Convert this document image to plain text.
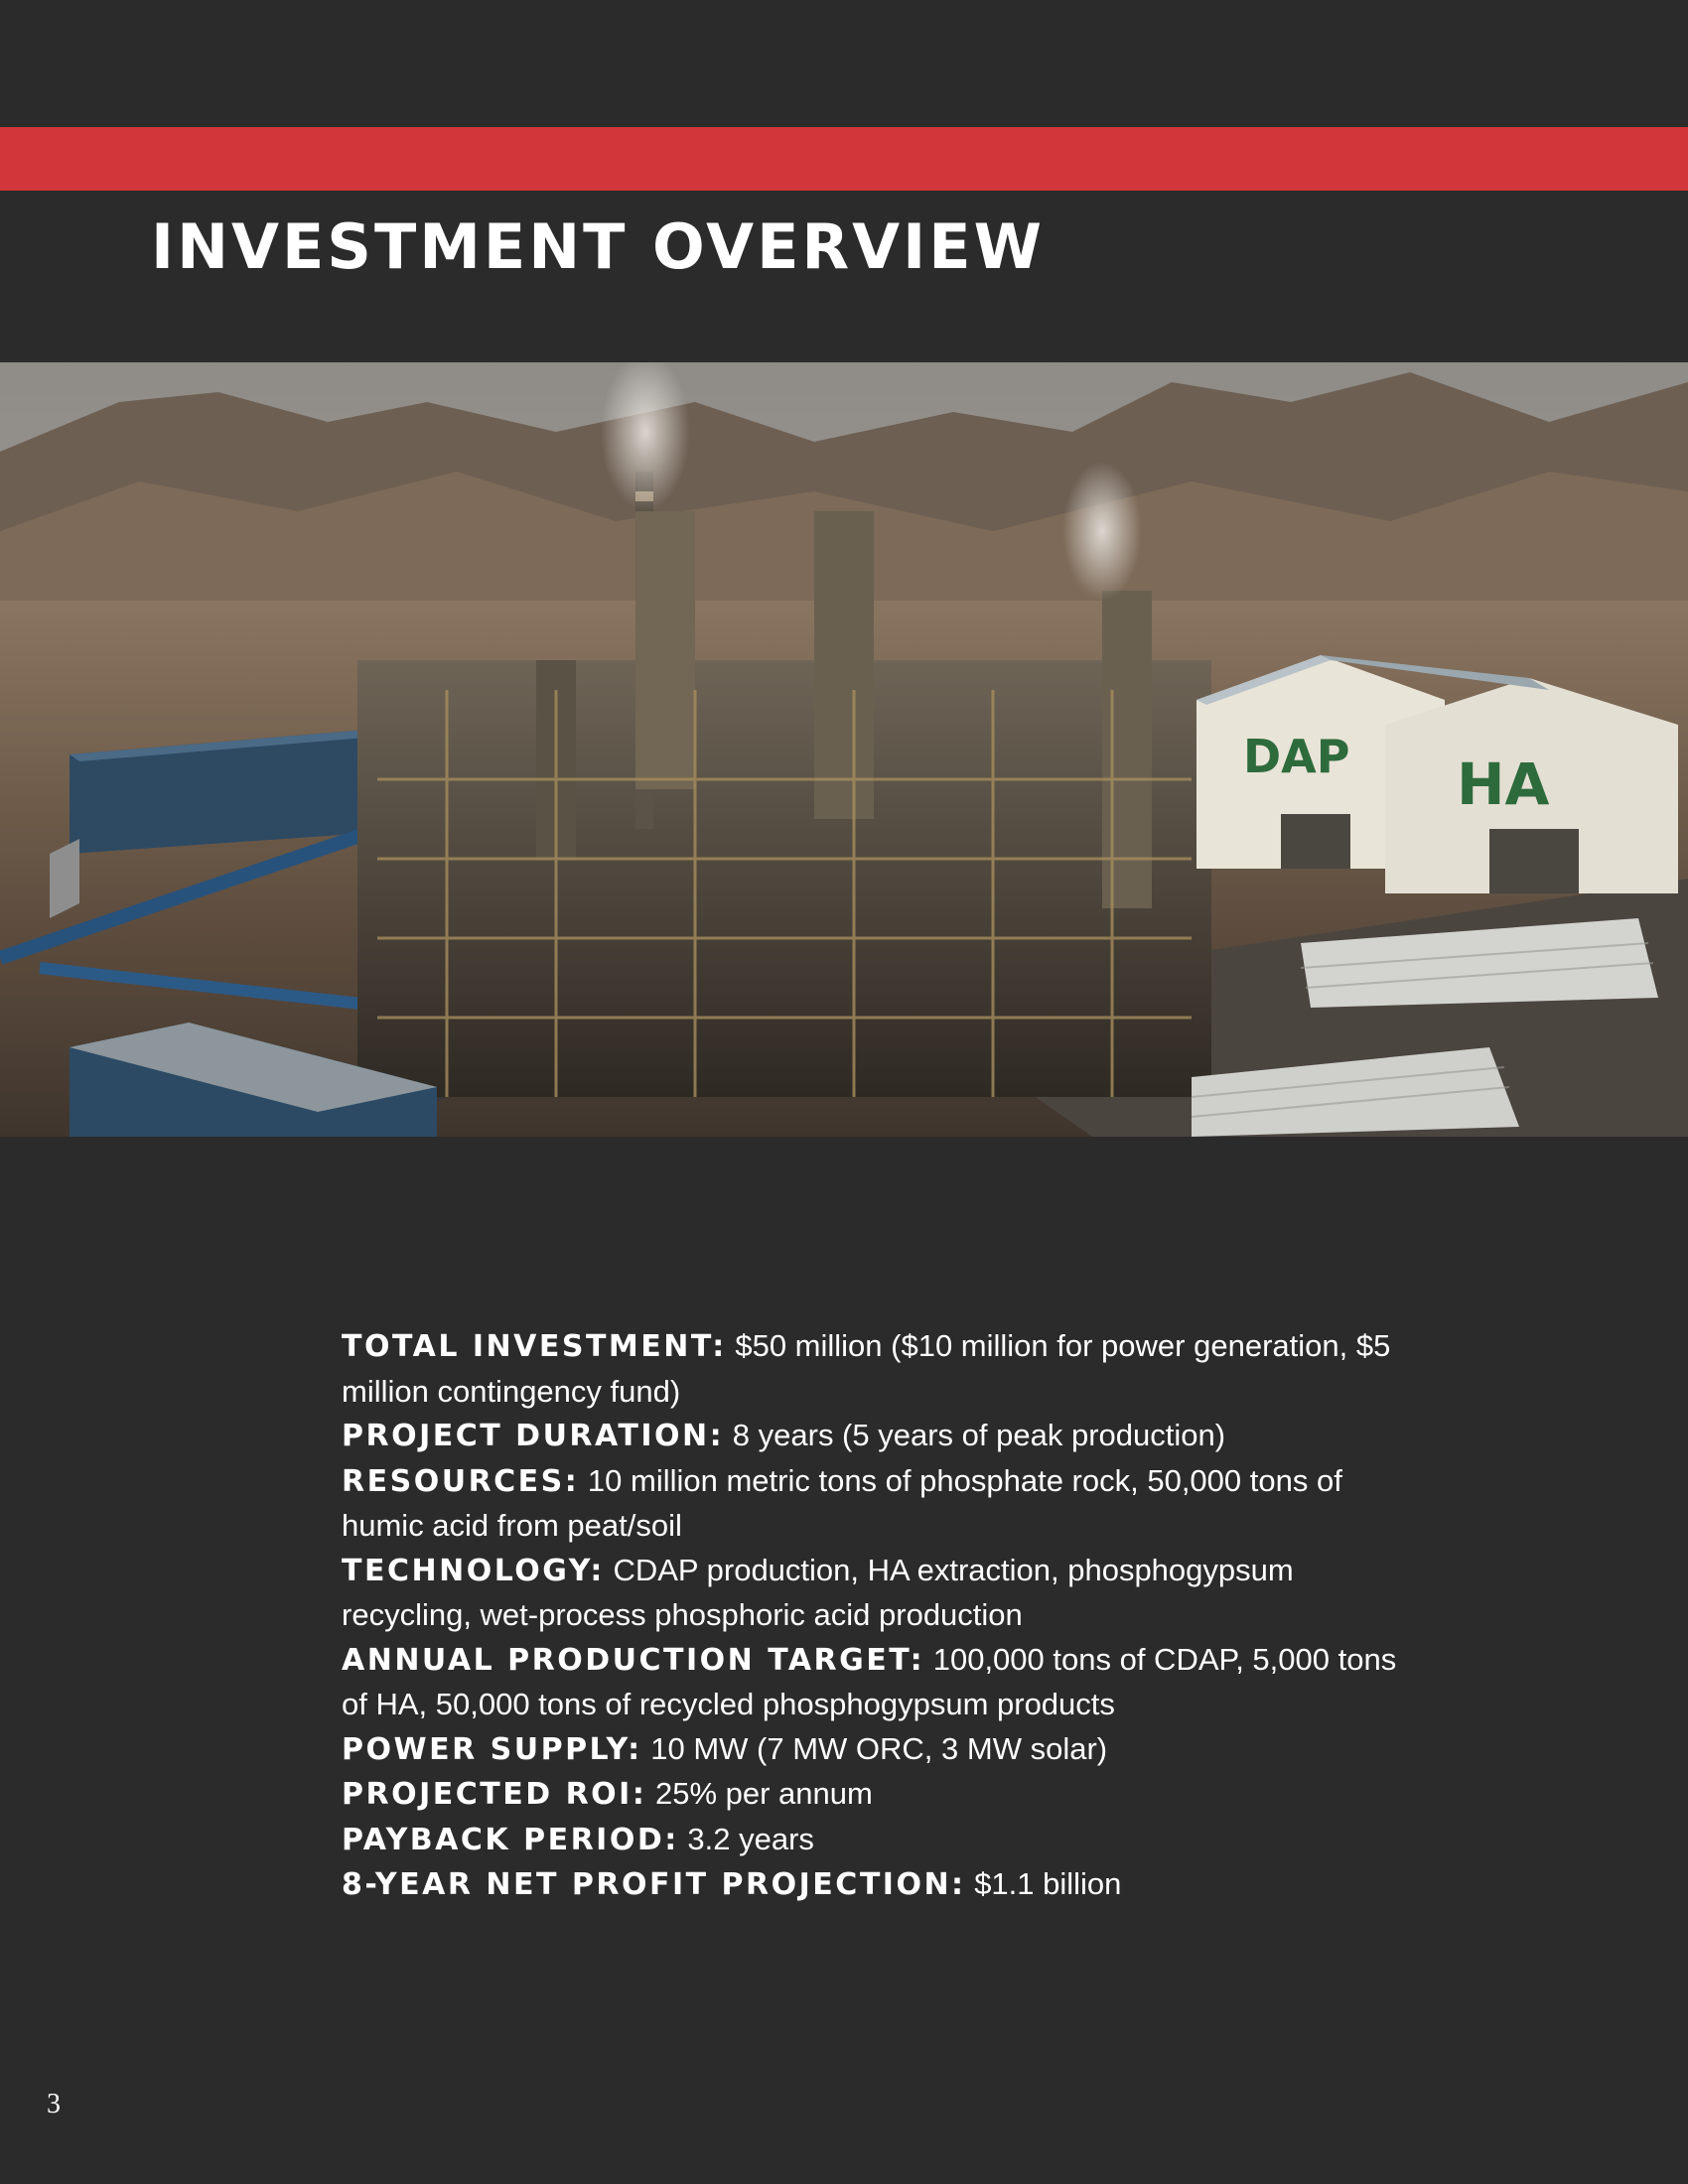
INVESTMENT OVERVIEW
DAP HA

TOTAL INVESTMENT: $50 million ($10 million for power generation, $5 million contingency fund)

PROJECT DURATION: 8 years (5 years of peak production)

RESOURCES: 10 million metric tons of phosphate rock, 50,000 tons of humic acid from peat/soil

TECHNOLOGY: CDAP production, HA extraction, phosphogypsum recycling, wet-process phosphoric acid production

ANNUAL PRODUCTION TARGET: 100,000 tons of CDAP, 5,000 tons of HA, 50,000 tons of recycled phosphogypsum products

POWER SUPPLY: 10 MW (7 MW ORC, 3 MW solar)

PROJECTED ROI: 25% per annum

PAYBACK PERIOD: 3.2 years

8-YEAR NET PROFIT PROJECTION: $1.1 billion

3
